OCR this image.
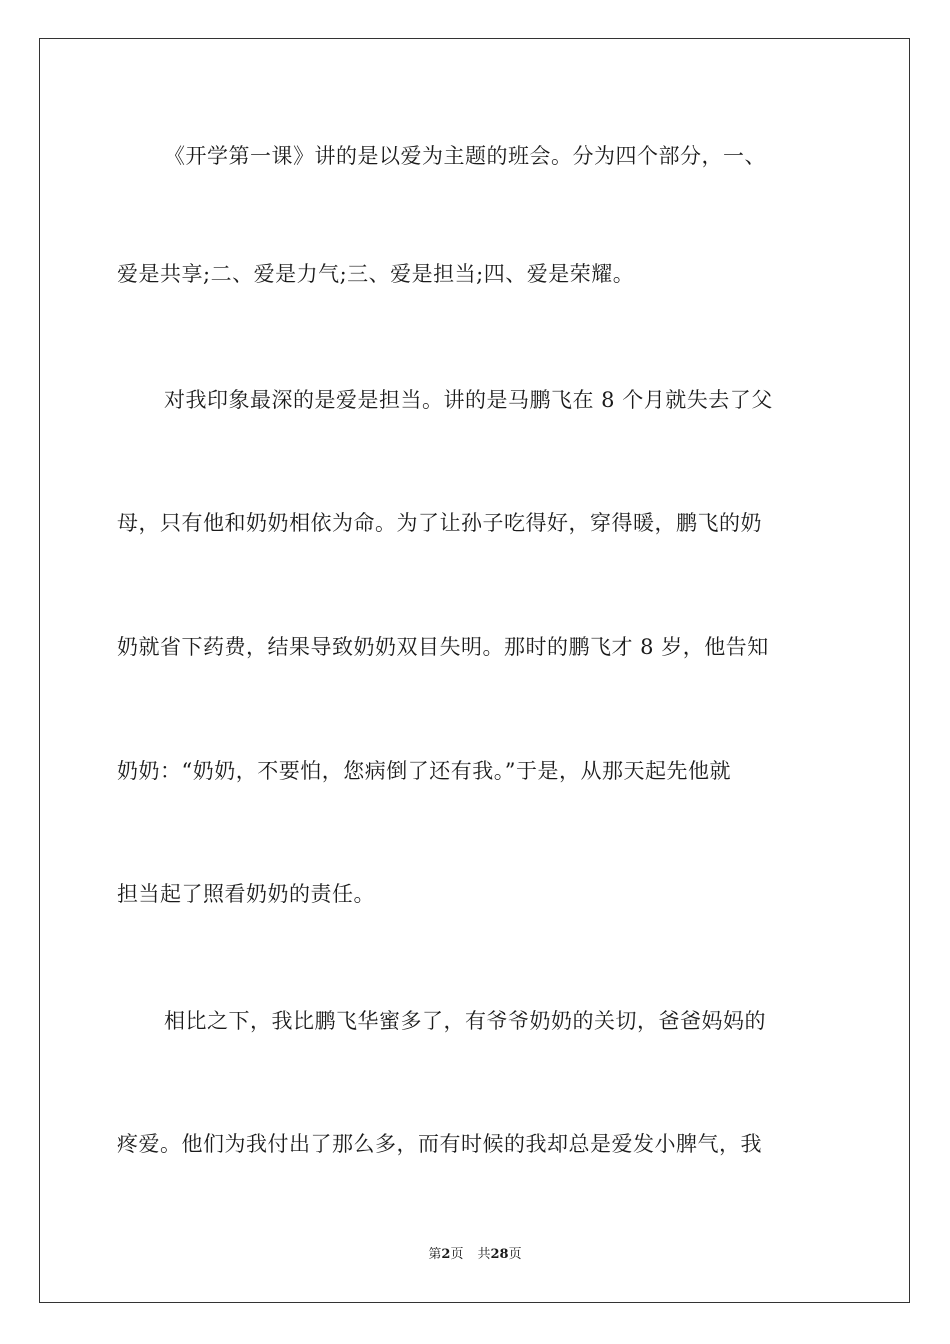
《开学第一课》讲的是以爱为主题的班会。分为四个部分，一、
爱是共享;二、爱是力气;三、爱是担当;四、爱是荣耀。
对我印象最深的是爱是担当。讲的是马鹏飞在 8 个月就失去了父
母，只有他和奶奶相依为命。为了让孙子吃得好，穿得暖，鹏飞的奶
奶就省下药费，结果导致奶奶双目失明。那时的鹏飞才 8 岁，他告知
奶奶：“奶奶，不要怕，您病倒了还有我。”于是，从那天起先他就
担当起了照看奶奶的责任。
相比之下，我比鹏飞华蜜多了，有爷爷奶奶的关切，爸爸妈妈的
疼爱。他们为我付出了那么多，而有时候的我却总是爱发小脾气，我
第2页 共28页
